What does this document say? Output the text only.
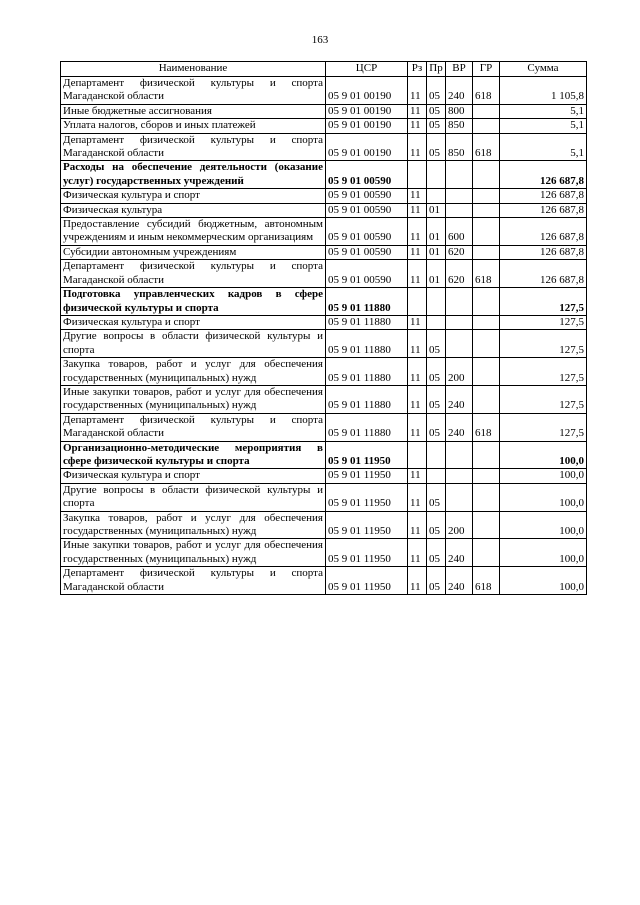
163
Наименование	ЦСР	Рз	Пр	ВР	ГР	Сумма
Департамент физической культуры и спорта Магаданской области	05 9 01 00190	11	05	240	618	1 105,8
Иные бюджетные ассигнования	05 9 01 00190	11	05	800		5,1
Уплата налогов, сборов и иных платежей	05 9 01 00190	11	05	850		5,1
Департамент физической культуры и спорта Магаданской области	05 9 01 00190	11	05	850	618	5,1
Расходы на обеспечение деятельности (оказание услуг) государственных учреждений	05 9 01 00590					126 687,8
Физическая культура и спорт	05 9 01 00590	11				126 687,8
Физическая культура	05 9 01 00590	11	01			126 687,8
Предоставление субсидий бюджетным, автономным учреждениям и иным некоммерческим организациям	05 9 01 00590	11	01	600		126 687,8
Субсидии автономным учреждениям	05 9 01 00590	11	01	620		126 687,8
Департамент физической культуры и спорта Магаданской области	05 9 01 00590	11	01	620	618	126 687,8
Подготовка управленческих кадров в сфере физической культуры и спорта	05 9 01 11880					127,5
Физическая культура и спорт	05 9 01 11880	11				127,5
Другие вопросы в области физической культуры и спорта	05 9 01 11880	11	05			127,5
Закупка товаров, работ и услуг для обеспечения государственных (муниципальных) нужд	05 9 01 11880	11	05	200		127,5
Иные закупки товаров, работ и услуг для обеспечения государственных (муниципальных) нужд	05 9 01 11880	11	05	240		127,5
Департамент физической культуры и спорта Магаданской области	05 9 01 11880	11	05	240	618	127,5
Организационно-методические мероприятия в сфере физической культуры и спорта	05 9 01 11950					100,0
Физическая культура и спорт	05 9 01 11950	11				100,0
Другие вопросы в области физической культуры и спорта	05 9 01 11950	11	05			100,0
Закупка товаров, работ и услуг для обеспечения государственных (муниципальных) нужд	05 9 01 11950	11	05	200		100,0
Иные закупки товаров, работ и услуг для обеспечения государственных (муниципальных) нужд	05 9 01 11950	11	05	240		100,0
Департамент физической культуры и спорта Магаданской области	05 9 01 11950	11	05	240	618	100,0
